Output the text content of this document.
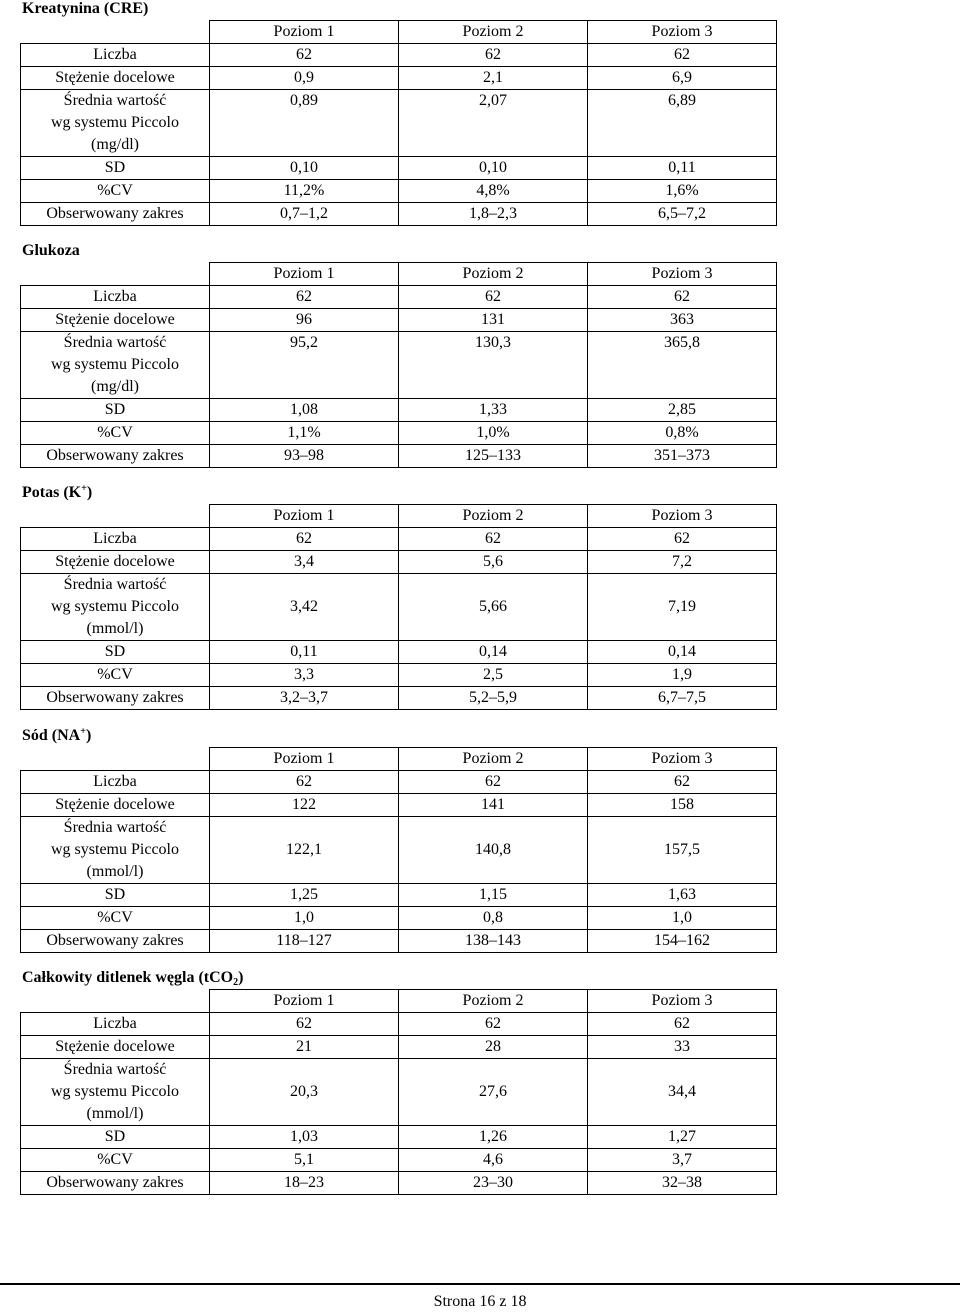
Kreatynina (CRE)
	Poziom 1	Poziom 2	Poziom 3
Liczba	62	62	62
Stężenie docelowe	0,9	2,1	6,9

Średnia wartość
wg systemu Piccolo
(mg/dl)	0,89	2,07	6,89
SD	0,10	0,10	0,11
%CV	11,2%	4,8%	1,6%
Obserwowany zakres	0,7–1,2	1,8–2,3	6,5–7,2
Glukoza
	Poziom 1	Poziom 2	Poziom 3
Liczba	62	62	62
Stężenie docelowe	96	131	363

Średnia wartość
wg systemu Piccolo
(mg/dl)	95,2	130,3	365,8
SD	1,08	1,33	2,85
%CV	1,1%	1,0%	0,8%
Obserwowany zakres	93–98	125–133	351–373
Potas (K+)
	Poziom 1	Poziom 2	Poziom 3
Liczba	62	62	62
Stężenie docelowe	3,4	5,6	7,2

Średnia wartość
wg systemu Piccolo
(mmol/l)	3,42	5,66	7,19
SD	0,11	0,14	0,14
%CV	3,3	2,5	1,9
Obserwowany zakres	3,2–3,7	5,2–5,9	6,7–7,5
Sód (NA+)
	Poziom 1	Poziom 2	Poziom 3
Liczba	62	62	62
Stężenie docelowe	122	141	158

Średnia wartość
wg systemu Piccolo
(mmol/l)	122,1	140,8	157,5
SD	1,25	1,15	1,63
%CV	1,0	0,8	1,0
Obserwowany zakres	118–127	138–143	154–162
Całkowity ditlenek węgla (tCO$_2$)
	Poziom 1	Poziom 2	Poziom 3
Liczba	62	62	62
Stężenie docelowe	21	28	33

Średnia wartość
wg systemu Piccolo
(mmol/l)	20,3	27,6	34,4
SD	1,03	1,26	1,27
%CV	5,1	4,6	3,7
Obserwowany zakres	18–23	23–30	32–38
Strona 16 z 18
